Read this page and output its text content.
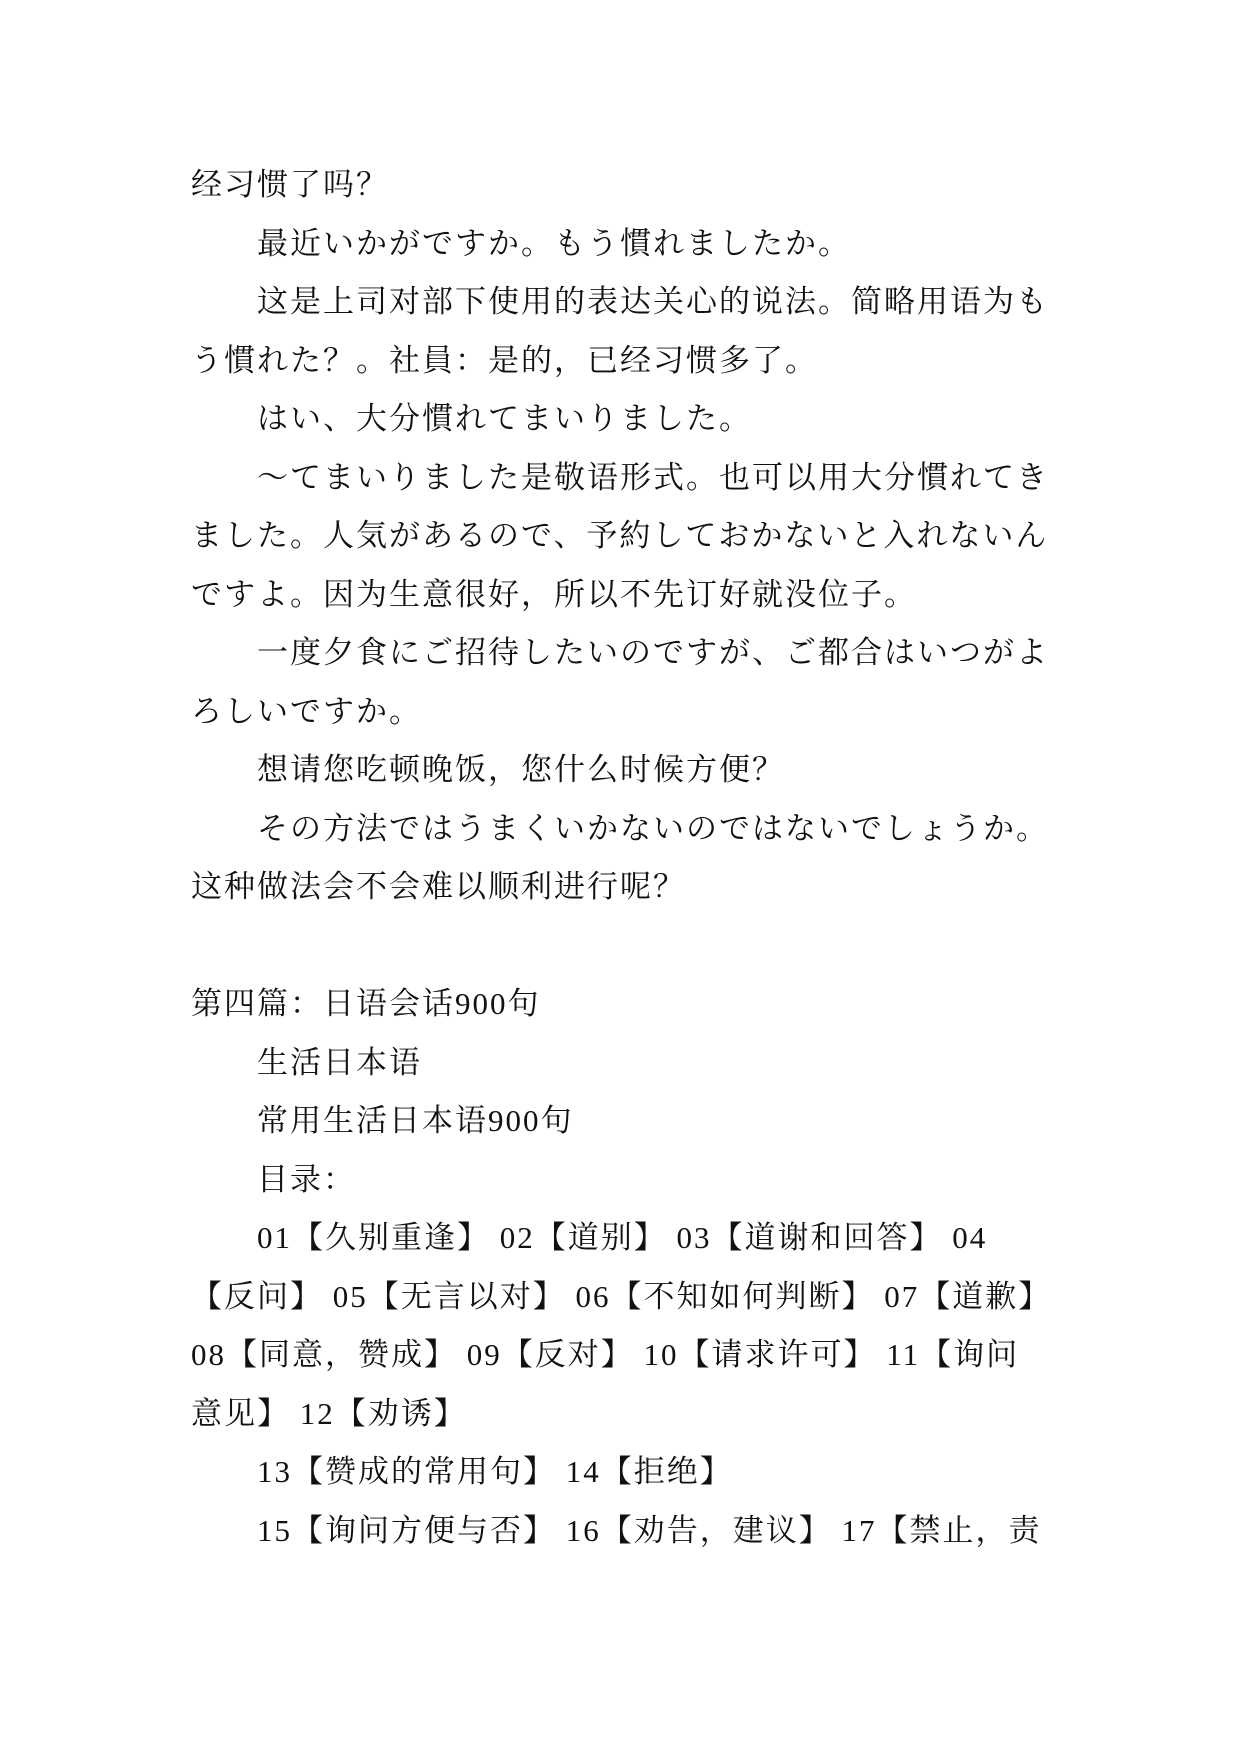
经习惯了吗？
最近いかがですか。もう慣れましたか。
这是上司对部下使用的表达关心的说法。简略用语为も
う慣れた？。社員：是的，已经习惯多了。
はい、大分慣れてまいりました。
～てまいりました是敬语形式。也可以用大分慣れてき
ました。人気があるので、予約しておかないと入れないん
ですよ。因为生意很好，所以不先订好就没位子。
一度夕食にご招待したいのですが、ご都合はいつがよ
ろしいですか。
想请您吃顿晚饭，您什么时候方便？
その方法ではうまくいかないのではないでしょうか。
这种做法会不会难以顺利进行呢？
第四篇：日语会话900句
生活日本语
常用生活日本语900句
目录：
01【久别重逢】 02【道别】 03【道谢和回答】 04
【反问】 05【无言以对】 06【不知如何判断】 07【道歉】
08【同意，赞成】 09【反对】 10【请求许可】 11【询问
意见】 12【劝诱】
13【赞成的常用句】 14【拒绝】
15【询问方便与否】 16【劝告，建议】 17【禁止，责
